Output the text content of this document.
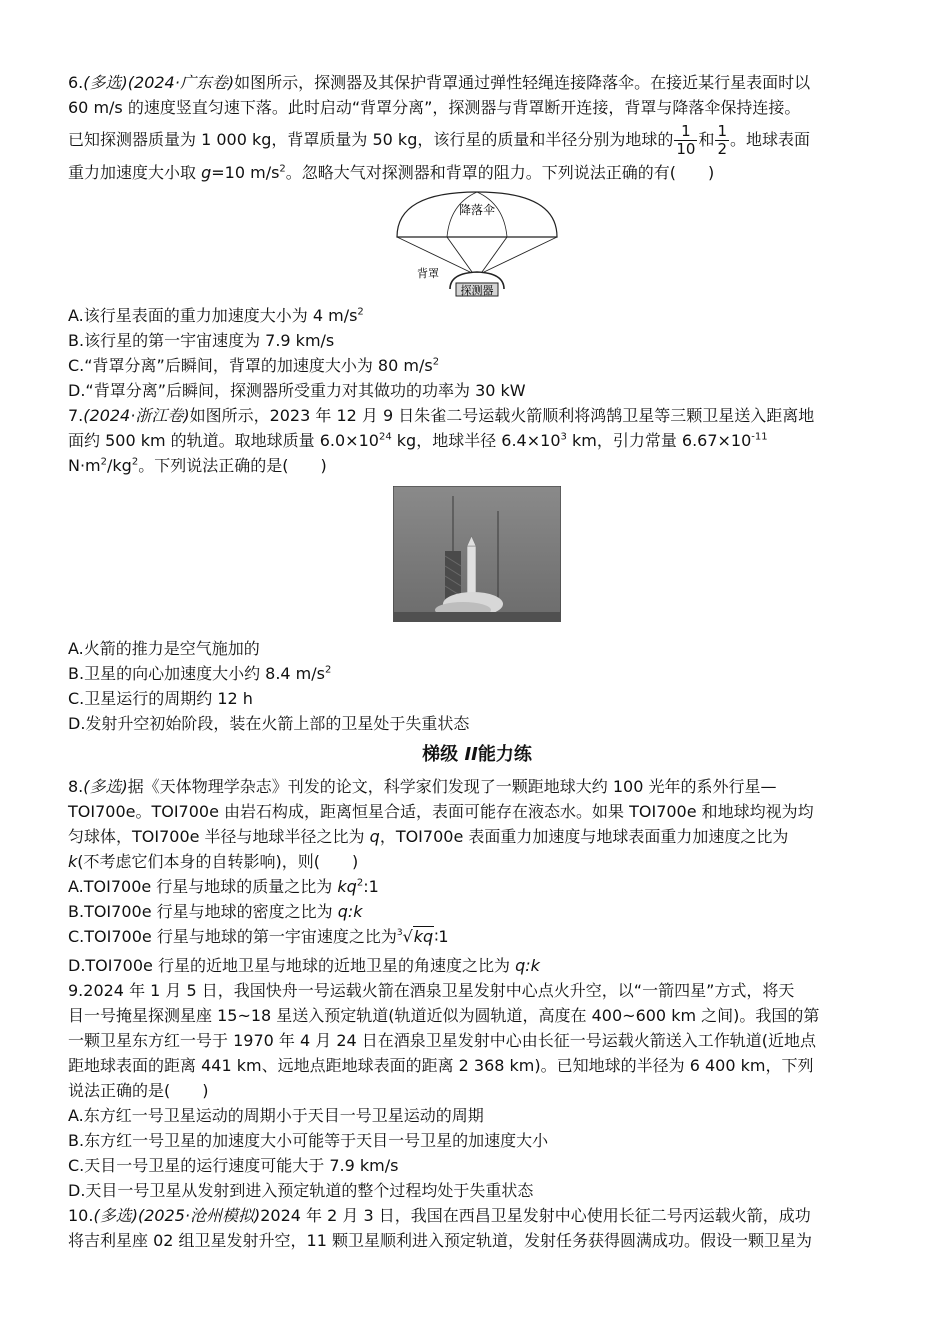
6.(多选)(2024·广东卷)如图所示，探测器及其保护背罩通过弹性轻绳连接降落伞。在接近某行星表面时以
60 m/s 的速度竖直匀速下落。此时启动“背罩分离”，探测器与背罩断开连接，背罩与降落伞保持连接。
已知探测器质量为 1 000 kg，背罩质量为 50 kg，该行星的质量和半径分别为地球的 $\frac{1}{10}$ 和 $\frac{1}{2}$ 。地球表面
重力加速度大小取 g=10 $m/s^2$。忽略大气对探测器和背罩的阻力。下列说法正确的有(　　)
降落伞
背罩
探测器
A.该行星表面的重力加速度大小为 4 $m/s^2$
B.该行星的第一宇宙速度为 7.9 km/s
C.“背罩分离”后瞬间，背罩的加速度大小为 80 $m/s^2$
D.“背罩分离”后瞬间，探测器所受重力对其做功的功率为 30 kW
7.(2024·浙江卷)如图所示，2023 年 12 月 9 日朱雀二号运载火箭顺利将鸿鹄卫星等三颗卫星送入距离地
面约 500 km 的轨道。取地球质量 $6.0\times 10^{24}$ kg，地球半径 $6.4\times 10^3$ km，引力常量 $6.67\times 10^{-11}$
$N\cdot m^2/kg^2$。下列说法正确的是(　　)
A.火箭的推力是空气施加的
B.卫星的向心加速度大小约 8.4 $m/s^2$
C.卫星运行的周期约 12 h
D.发射升空初始阶段，装在火箭上部的卫星处于失重状态
梯级 II能力练
8.(多选)据《天体物理学杂志》刊发的论文，科学家们发现了一颗距地球大约 100 光年的系外行星—
TOI700e。TOI700e 由岩石构成，距离恒星合适，表面可能存在液态水。如果 TOI700e 和地球均视为均
匀球体，TOI700e 半径与地球半径之比为 q，TOI700e 表面重力加速度与地球表面重力加速度之比为
k(不考虑它们本身的自转影响)，则(　　)
A.TOI700e 行星与地球的质量之比为 $kq^2:1$
B.TOI700e 行星与地球的密度之比为 q:k
C.TOI700e 行星与地球的第一宇宙速度之比为$^3$√kq∶1
D.TOI700e 行星的近地卫星与地球的近地卫星的角速度之比为 q:k
9.2024 年 1 月 5 日，我国快舟一号运载火箭在酒泉卫星发射中心点火升空，以“一箭四星”方式，将天
目一号掩星探测星座 15~18 星送入预定轨道(轨道近似为圆轨道，高度在 400~600 km 之间)。我国的第
一颗卫星东方红一号于 1970 年 4 月 24 日在酒泉卫星发射中心由长征一号运载火箭送入工作轨道(近地点
距地球表面的距离 441 km、远地点距地球表面的距离 2 368 km)。已知地球的半径为 6 400 km，下列
说法正确的是(　　)
A.东方红一号卫星运动的周期小于天目一号卫星运动的周期
B.东方红一号卫星的加速度大小可能等于天目一号卫星的加速度大小
C.天目一号卫星的运行速度可能大于 7.9 km/s
D.天目一号卫星从发射到进入预定轨道的整个过程均处于失重状态
10.(多选)(2025·沧州模拟)2024 年 2 月 3 日，我国在西昌卫星发射中心使用长征二号丙运载火箭，成功
将吉利星座 02 组卫星发射升空，11 颗卫星顺利进入预定轨道，发射任务获得圆满成功。假设一颗卫星为
